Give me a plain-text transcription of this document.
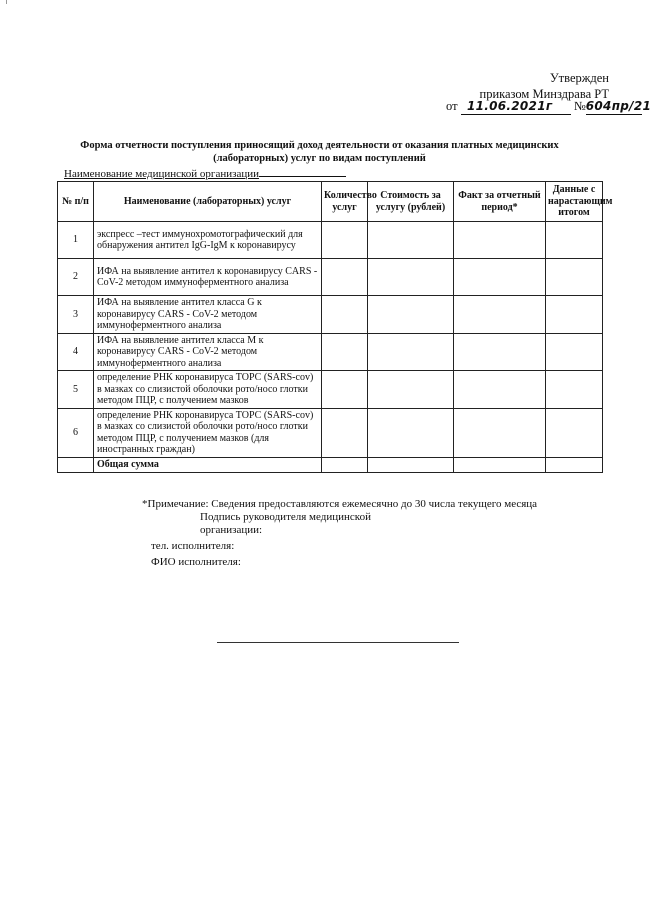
Утвержден
приказом Минздрава РТ
от 11.06.2021г №604пр/21
Форма отчетности поступления приносящий доход деятельности от оказания платных медицинских
(лабораторных) услуг по видам поступлений
Наименование медицинской организации
№ п/п	Наименование (лабораторных) услуг	Количество услуг	Стоимость за услугу (рублей)	Факт за отчетный период*	Данные с нарастающим итогом
1	экспресс –тест иммунохромотографический для обнаружения антител IgG-IgM к коронавирусу				
2	ИФА на выявление антител к коронавирусу CARS - CoV-2 методом иммуноферментного анализа				
3	ИФА на выявление антител класса G к коронавирусу CARS - CoV-2 методом иммуноферментного анализа				
4	ИФА на выявление антител класса M к коронавирусу CARS - CoV-2 методом иммуноферментного анализа				
5	определение РНК коронавируса ТОРС (SARS-cov) в мазках со слизистой оболочки рото/носо глотки методом ПЦР, с получением мазков				
6	определение РНК коронавируса ТОРС (SARS-cov) в мазках со слизистой оболочки рото/носо глотки методом ПЦР, с получением мазков (для иностранных граждан)				
	Общая сумма				
*Примечание: Сведения предоставляются ежемесячно до 30 числа текущего месяца
Подпись руководителя медицинской
организации:
тел. исполнителя:
ФИО исполнителя:
